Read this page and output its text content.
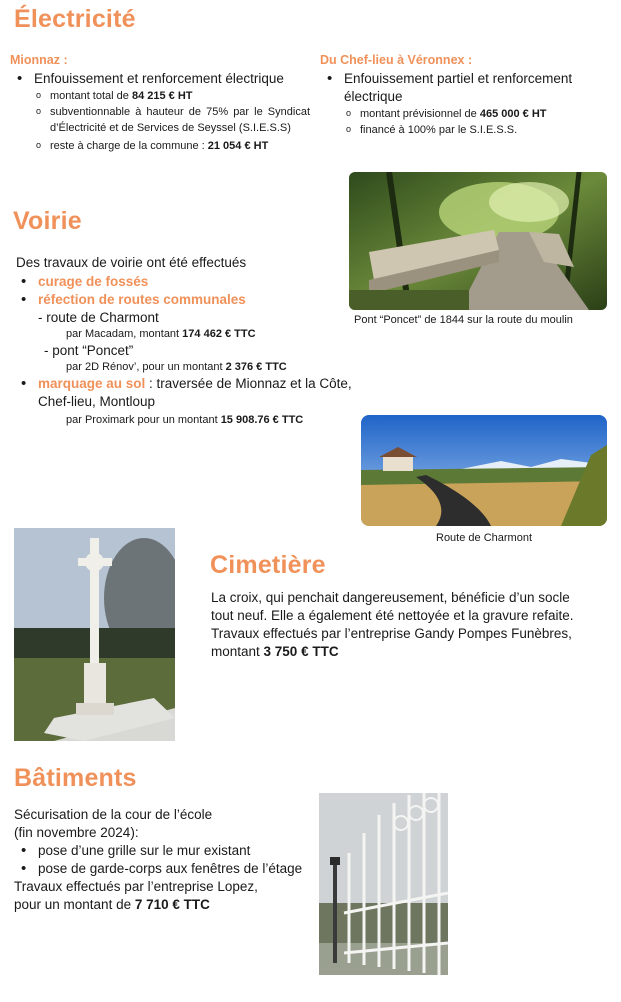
Électricité
Mionnaz :
• Enfouissement et renforcement électrique
o montant total de 84 215 € HT
o subventionnable à hauteur de 75% par le Syndicat d’Électricité et de Services de Seyssel (S.I.E.S.S)
o reste à charge de la commune : 21 054 € HT
Du Chef-lieu à Véronnex :
• Enfouissement partiel et renforcement électrique
o montant prévisionnel de 465 000 € HT
o financé à 100% par le S.I.E.S.S.
Pont “Poncet” de 1844 sur la route du moulin
Voirie
Des travaux de voirie ont été effectués
• curage de fossés
• réfection de routes communales
- route de Charmont
par Macadam, montant 174 462 € TTC
- pont “Poncet”
par 2D Rénov’, pour un montant 2 376 € TTC
• marquage au sol : traversée de Mionnaz et la Côte, Chef-lieu, Montloup
par Proximark pour un montant 15 908.76 € TTC
Route de Charmont
Cimetière
La croix, qui penchait dangereusement, bénéficie d’un socle tout neuf. Elle a également été nettoyée et la gravure refaite.
Travaux effectués par l’entreprise Gandy Pompes Funèbres, montant 3 750 € TTC
Bâtiments
Sécurisation de la cour de l’école
(fin novembre 2024):
• pose d’une grille sur le mur existant
• pose de garde-corps aux fenêtres de l’étage
Travaux effectués par l’entreprise Lopez,
pour un montant de 7 710 € TTC
